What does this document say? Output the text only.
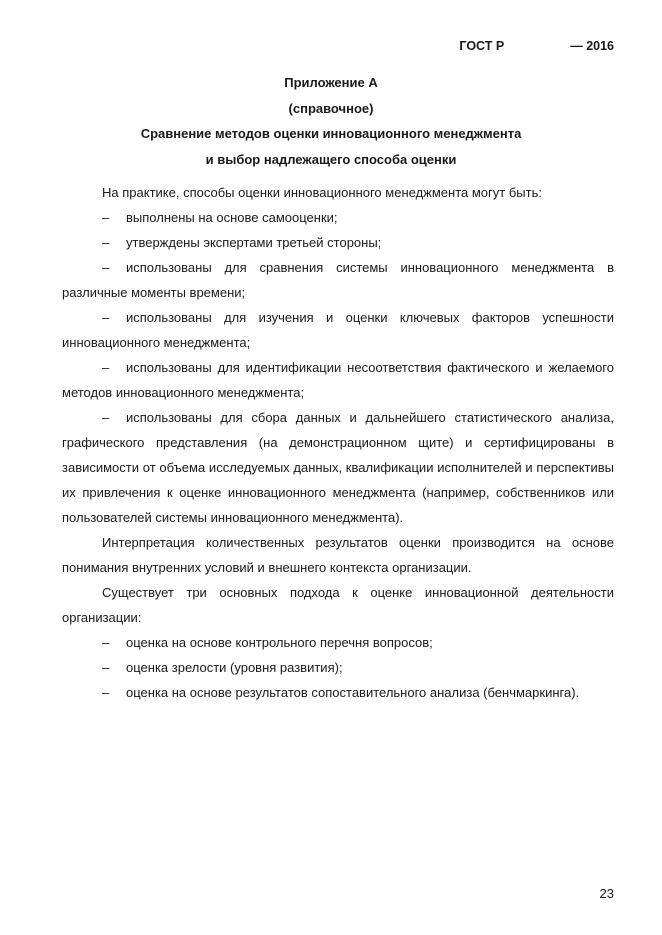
ГОСТ Р	— 2016
Приложение А
(справочное)
Сравнение методов оценки инновационного менеджмента
и выбор надлежащего способа оценки

На практике, способы оценки инновационного менеджмента могут быть:

– выполнены на основе самооценки;

– утверждены экспертами третьей стороны;

– использованы для сравнения системы инновационного менеджмента в различные моменты времени;

– использованы для изучения и оценки ключевых факторов успешности инновационного менеджмента;

– использованы для идентификации несоответствия фактического и желаемого методов инновационного менеджмента;

– использованы для сбора данных и дальнейшего статистического анализа, графического представления (на демонстрационном щите) и сертифицированы в зависимости от объема исследуемых данных, квалификации исполнителей и перспективы их привлечения к оценке инновационного менеджмента (например, собственников или пользователей системы инновационного менеджмента).

Интерпретация количественных результатов оценки производится на основе понимания внутренних условий и внешнего контекста организации.

Существует три основных подхода к оценке инновационной деятельности организации:

– оценка на основе контрольного перечня вопросов;

– оценка зрелости (уровня развития);

– оценка на основе результатов сопоставительного анализа (бенчмаркинга).

23
